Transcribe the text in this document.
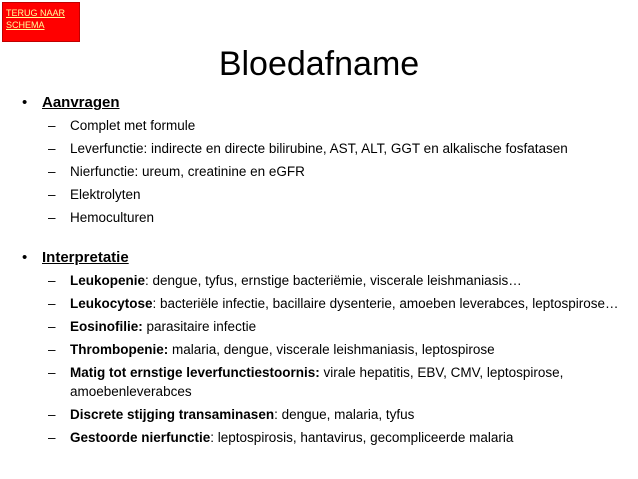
TERUG NAAR SCHEMA
Bloedafname
• Aanvragen
– Complet met formule
– Leverfunctie: indirecte en directe bilirubine, AST, ALT, GGT en alkalische fosfatasen
– Nierfunctie: ureum, creatinine en eGFR
– Elektrolyten
– Hemoculturen
• Interpretatie
– Leukopenie: dengue, tyfus, ernstige bacteriëmie, viscerale leishmaniasis…
– Leukocytose: bacteriële infectie, bacillaire dysenterie, amoeben leverabces, leptospirose…
– Eosinofilie: parasitaire infectie
– Thrombopenie: malaria, dengue, viscerale leishmaniasis, leptospirose
– Matig tot ernstige leverfunctiestoornis: virale hepatitis, EBV, CMV, leptospirose, amoebenleverabces
– Discrete stijging transaminasen: dengue, malaria, tyfus
– Gestoorde nierfunctie: leptospirosis, hantavirus, gecompliceerde malaria
